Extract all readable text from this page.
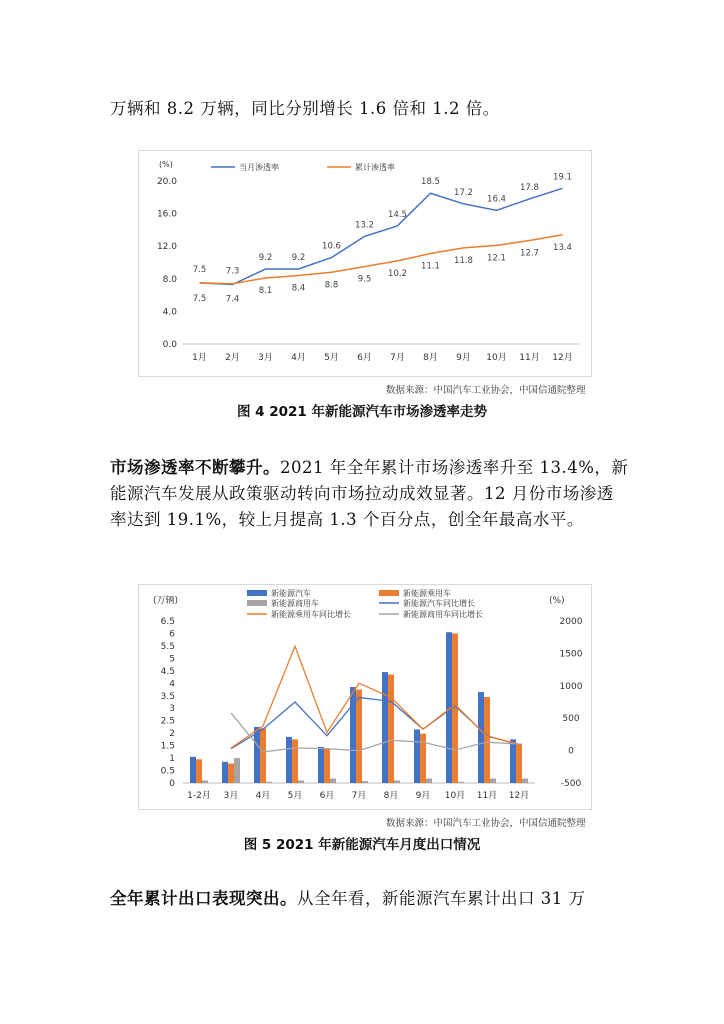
万辆和 8.2 万辆，同比分别增长 1.6 倍和 1.2 倍。

(%)
0.0
4.0
8.0
12.0
16.0
20.0
1月 2月 3月 4月 5月 6月 7月 8月 9月 10月 11月 12月
当月渗透率	累计渗透率
7.5 7.3
9.2 9.2
10.6
13.2
14.5
18.5
17.2
16.4
17.8
19.1
7.5 7.4
8.1 8.4 8.8
9.5
10.2
11.1
11.8 12.1 12.7
13.4
数据来源：中国汽车工业协会，中国信通院整理
图 4 2021 年新能源汽车市场渗透率走势

市场渗透率不断攀升。2021 年全年累计市场渗透率升至 13.4%，新能源汽车发展从政策驱动转向市场拉动成效显著。12 月份市场渗透率达到 19.1%，较上月提高 1.3 个百分点，创全年最高水平。

(万辆)	(%)
0
0.5
1
1.5
2
2.5
3
3.5
4
4.5
5
5.5
6
6.5
-500
0
500
1000
1500
2000
1-2月 3月 4月 5月 6月 7月 8月 9月 10月 11月 12月
新能源汽车	新能源乘用车
新能源商用车	新能源汽车同比增长
新能源乘用车同比增长	新能源商用车同比增长
数据来源：中国汽车工业协会，中国信通院整理
图 5 2021 年新能源汽车月度出口情况

全年累计出口表现突出。从全年看，新能源汽车累计出口 31 万
